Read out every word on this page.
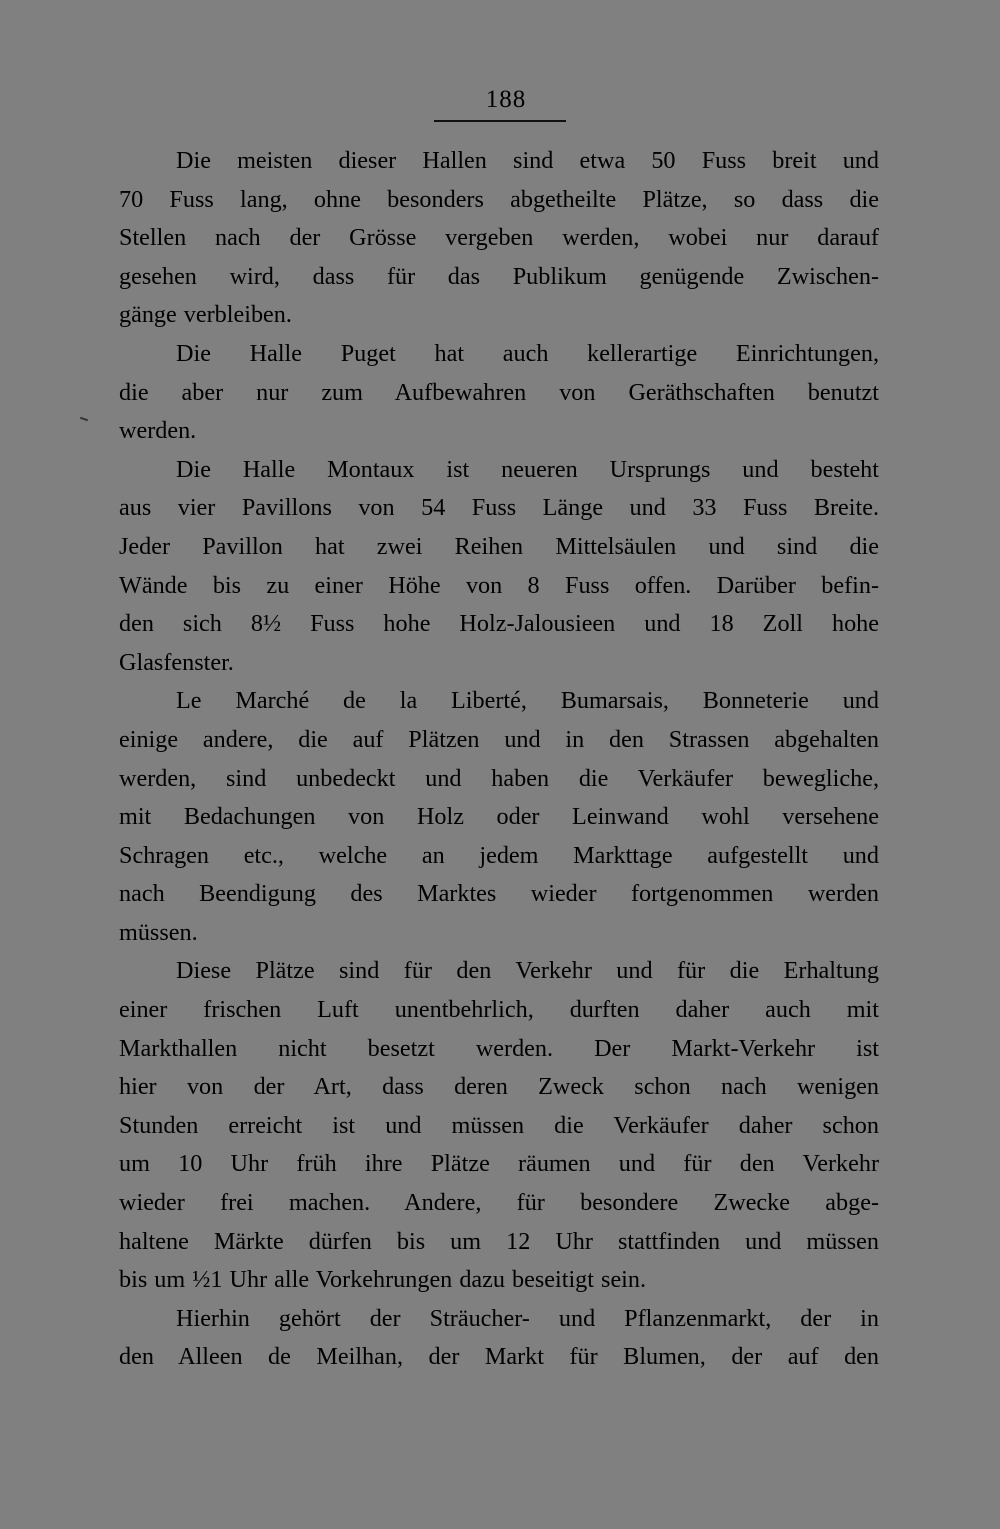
188

Die meisten dieser Hallen sind etwa 50 Fuss breit und
70 Fuss lang, ohne besonders abgetheilte Plätze, so dass die
Stellen nach der Grösse vergeben werden, wobei nur darauf
gesehen wird, dass für das Publikum genügende Zwischen-
gänge verbleiben.

Die Halle Puget hat auch kellerartige Einrichtungen,
die aber nur zum Aufbewahren von Geräthschaften benutzt
werden.

Die Halle Montaux ist neueren Ursprungs und besteht
aus vier Pavillons von 54 Fuss Länge und 33 Fuss Breite.
Jeder Pavillon hat zwei Reihen Mittelsäulen und sind die
Wände bis zu einer Höhe von 8 Fuss offen. Darüber befin-
den sich 8½ Fuss hohe Holz-Jalousieen und 18 Zoll hohe
Glasfenster.

Le Marché de la Liberté, Bumarsais, Bonneterie und
einige andere, die auf Plätzen und in den Strassen abgehalten
werden, sind unbedeckt und haben die Verkäufer bewegliche,
mit Bedachungen von Holz oder Leinwand wohl versehene
Schragen etc., welche an jedem Markttage aufgestellt und
nach Beendigung des Marktes wieder fortgenommen werden
müssen.

Diese Plätze sind für den Verkehr und für die Erhaltung
einer frischen Luft unentbehrlich, durften daher auch mit
Markthallen nicht besetzt werden. Der Markt-Verkehr ist
hier von der Art, dass deren Zweck schon nach wenigen
Stunden erreicht ist und müssen die Verkäufer daher schon
um 10 Uhr früh ihre Plätze räumen und für den Verkehr
wieder frei machen. Andere, für besondere Zwecke abge-
haltene Märkte dürfen bis um 12 Uhr stattfinden und müssen
bis um ½1 Uhr alle Vorkehrungen dazu beseitigt sein.

Hierhin gehört der Sträucher- und Pflanzenmarkt, der in
den Alleen de Meilhan, der Markt für Blumen, der auf den
